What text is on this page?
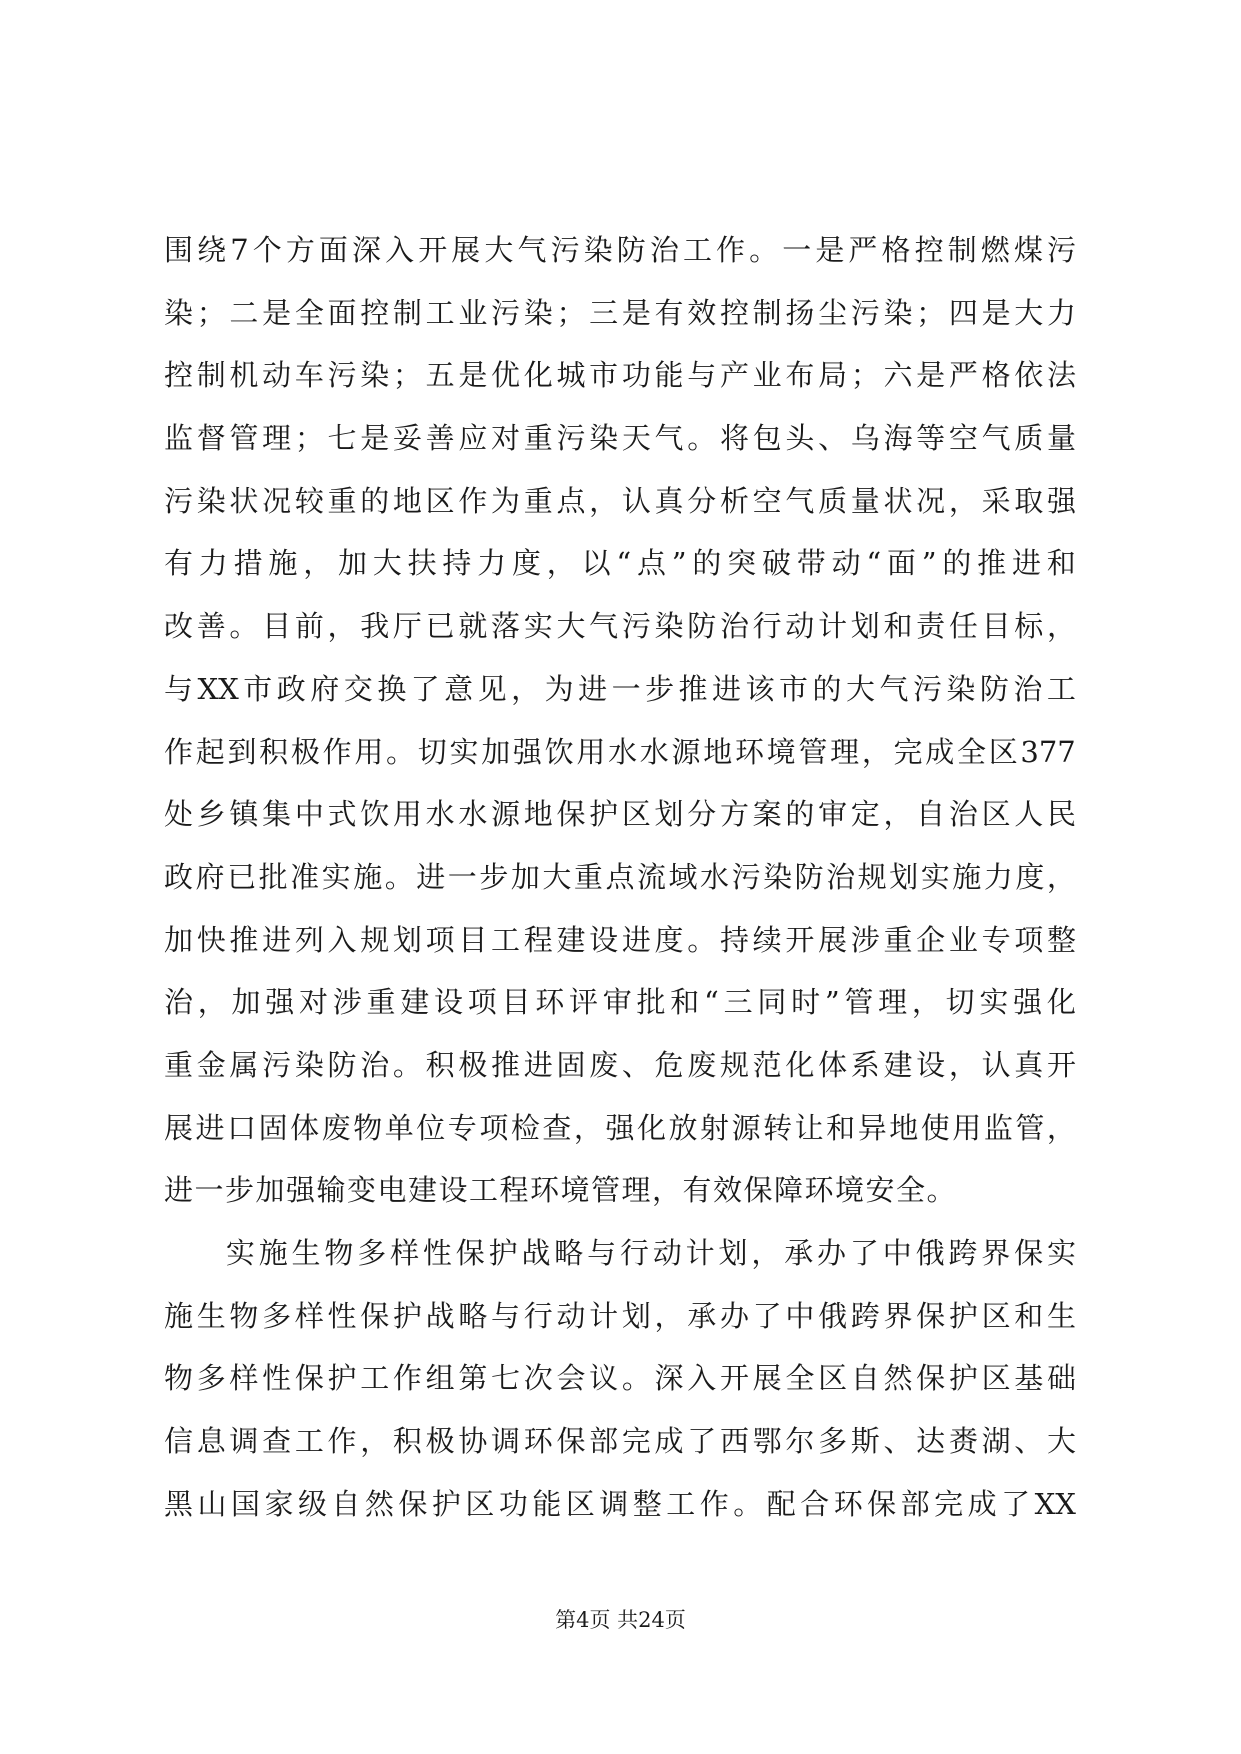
围 绕 7 个 方 面 深 入 开 展 大 气 污 染 防 治 工 作 。 一 是 严 格 控 制 燃 煤 污
染 ； 二 是 全 面 控 制 工 业 污 染 ； 三 是 有 效 控 制 扬 尘 污 染 ； 四 是 大 力
控 制 机 动 车 污 染 ； 五 是 优 化 城 市 功 能 与 产 业 布 局 ； 六 是 严 格 依 法
监 督 管 理 ； 七 是 妥 善 应 对 重 污 染 天 气 。 将 包 头 、 乌 海 等 空 气 质 量
污 染 状 况 较 重 的 地 区 作 为 重 点 ， 认 真 分 析 空 气 质 量 状 况 ， 采 取 强
有 力 措 施 ， 加 大 扶 持 力 度 ， 以 “ 点 ” 的 突 破 带 动 “ 面 ” 的 推 进 和
改 善 。 目 前 ， 我 厅 已 就 落 实 大 气 污 染 防 治 行 动 计 划 和 责 任 目 标 ，
与 XX 市 政 府 交 换 了 意 见 ， 为 进 一 步 推 进 该 市 的 大 气 污 染 防 治 工
作 起 到 积 极 作 用 。 切 实 加 强 饮 用 水 水 源 地 环 境 管 理 ， 完 成 全 区 377
处 乡 镇 集 中 式 饮 用 水 水 源 地 保 护 区 划 分 方 案 的 审 定 ， 自 治 区 人 民
政 府 已 批 准 实 施 。 进 一 步 加 大 重 点 流 域 水 污 染 防 治 规 划 实 施 力 度 ，
加 快 推 进 列 入 规 划 项 目 工 程 建 设 进 度 。 持 续 开 展 涉 重 企 业 专 项 整
治 ， 加 强 对 涉 重 建 设 项 目 环 评 审 批 和 “ 三 同 时 ” 管 理 ， 切 实 强 化
重 金 属 污 染 防 治 。 积 极 推 进 固 废 、 危 废 规 范 化 体 系 建 设 ， 认 真 开
展 进 口 固 体 废 物 单 位 专 项 检 查 ， 强 化 放 射 源 转 让 和 异 地 使 用 监 管 ，
进一步加强输变电建设工程环境管理，有效保障环境安全。

实 施 生 物 多 样 性 保 护 战 略 与 行 动 计 划 ， 承 办 了 中 俄 跨 界 保 实
施 生 物 多 样 性 保 护 战 略 与 行 动 计 划 ， 承 办 了 中 俄 跨 界 保 护 区 和 生
物 多 样 性 保 护 工 作 组 第 七 次 会 议 。 深 入 开 展 全 区 自 然 保 护 区 基 础
信 息 调 查 工 作 ， 积 极 协 调 环 保 部 完 成 了 西 鄂 尔 多 斯 、 达 赉 湖 、 大
黑 山 国 家 级 自 然 保 护 区 功 能 区 调 整 工 作 。 配 合 环 保 部 完 成 了 XX
第4页 共24页
